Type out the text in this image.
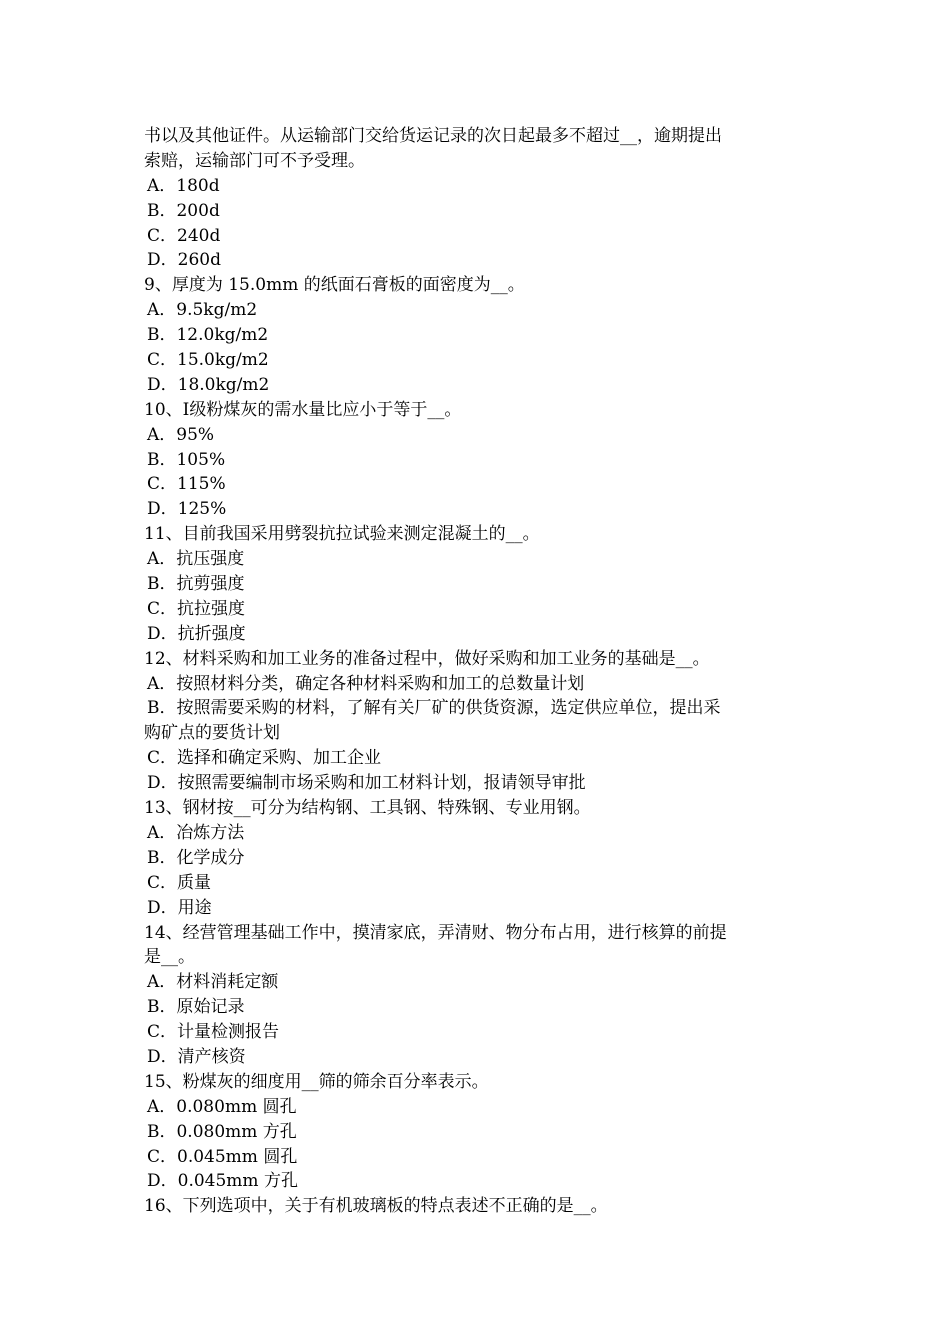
书以及其他证件。从运输部门交给货运记录的次日起最多不超过__，逾期提出

索赔，运输部门可不予受理。

A．180d

B．200d

C．240d

D．260d

9、厚度为 15.0mm 的纸面石膏板的面密度为__。

A．9.5kg/m2

B．12.0kg/m2

C．15.0kg/m2

D．18.0kg/m2

10、Ⅰ级粉煤灰的需水量比应小于等于__。

A．95%

B．105%

C．115%

D．125%

11、目前我国采用劈裂抗拉试验来测定混凝土的__。

A．抗压强度

B．抗剪强度

C．抗拉强度

D．抗折强度

12、材料采购和加工业务的准备过程中，做好采购和加工业务的基础是__。

A．按照材料分类，确定各种材料采购和加工的总数量计划

B．按照需要采购的材料，了解有关厂矿的供货资源，选定供应单位，提出采

购矿点的要货计划

C．选择和确定采购、加工企业

D．按照需要编制市场采购和加工材料计划，报请领导审批

13、钢材按__可分为结构钢、工具钢、特殊钢、专业用钢。

A．冶炼方法

B．化学成分

C．质量

D．用途

14、经营管理基础工作中，摸清家底，弄清财、物分布占用，进行核算的前提

是__。

A．材料消耗定额

B．原始记录

C．计量检测报告

D．清产核资

15、粉煤灰的细度用__筛的筛余百分率表示。

A．0.080mm 圆孔

B．0.080mm 方孔

C．0.045mm 圆孔

D．0.045mm 方孔

16、下列选项中，关于有机玻璃板的特点表述不正确的是__。
